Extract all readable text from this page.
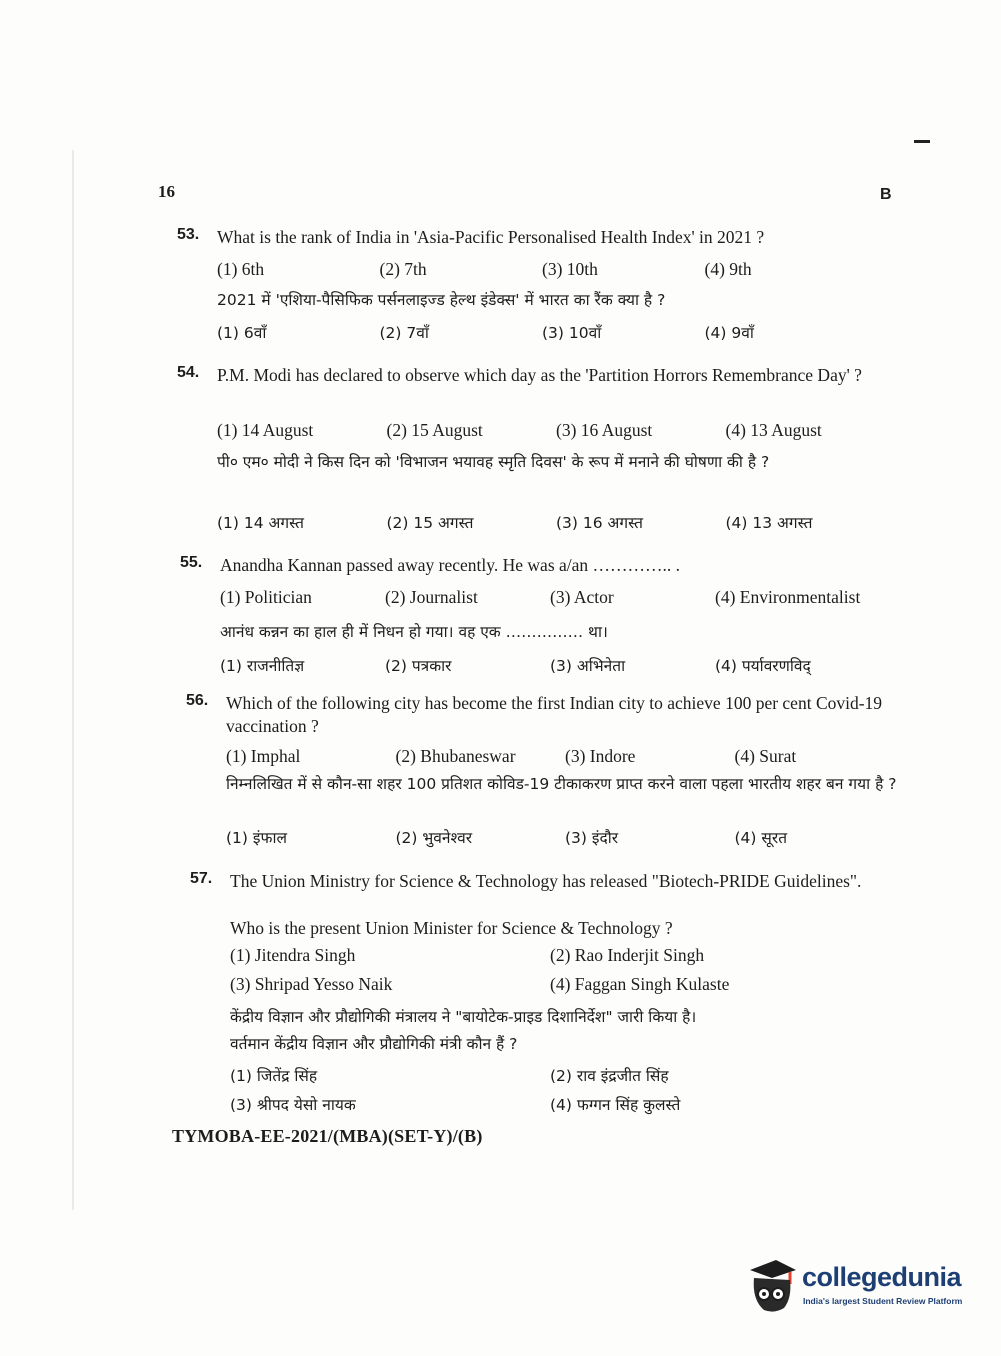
16	B
53. What is the rank of India in 'Asia-Pacific Personalised Health Index' in 2021 ?
(1) 6th	(2) 7th	(3) 10th	(4) 9th
2021 में 'एशिया-पैसिफिक पर्सनलाइज्ड हेल्थ इंडेक्स' में भारत का रैंक क्या है ?
(1) 6वाँ	(2) 7वाँ	(3) 10वाँ	(4) 9वाँ
54. P.M. Modi has declared to observe which day as the 'Partition Horrors Remembrance Day' ?
(1) 14 August	(2) 15 August	(3) 16 August	(4) 13 August
पी० एम० मोदी ने किस दिन को 'विभाजन भयावह स्मृति दिवस' के रूप में मनाने की घोषणा की है ?
(1) 14 अगस्त	(2) 15 अगस्त	(3) 16 अगस्त	(4) 13 अगस्त
55. Anandha Kannan passed away recently. He was a/an ………….. .
(1) Politician	(2) Journalist	(3) Actor	(4) Environmentalist
आनंध कन्नन का हाल ही में निधन हो गया। वह एक …………… था।
(1) राजनीतिज्ञ	(2) पत्रकार	(3) अभिनेता	(4) पर्यावरणविद्
56. Which of the following city has become the first Indian city to achieve 100 per cent Covid-19 vaccination ?
(1) Imphal	(2) Bhubaneswar	(3) Indore	(4) Surat
निम्नलिखित में से कौन-सा शहर 100 प्रतिशत कोविड-19 टीकाकरण प्राप्त करने वाला पहला भारतीय शहर बन गया है ?
(1) इंफाल	(2) भुवनेश्वर	(3) इंदौर	(4) सूरत
57. The Union Ministry for Science & Technology has released "Biotech-PRIDE Guidelines".
Who is the present Union Minister for Science & Technology ?
(1) Jitendra Singh	(2) Rao Inderjit Singh
(3) Shripad Yesso Naik	(4) Faggan Singh Kulaste
केंद्रीय विज्ञान और प्रौद्योगिकी मंत्रालय ने "बायोटेक-प्राइड दिशानिर्देश" जारी किया है।
वर्तमान केंद्रीय विज्ञान और प्रौद्योगिकी मंत्री कौन हैं ?
(1) जितेंद्र सिंह	(2) राव इंद्रजीत सिंह
(3) श्रीपद येसो नायक	(4) फग्गन सिंह कुलस्ते
TYMOBA-EE-2021/(MBA)(SET-Y)/(B)
collegedunia
India's largest Student Review Platform
